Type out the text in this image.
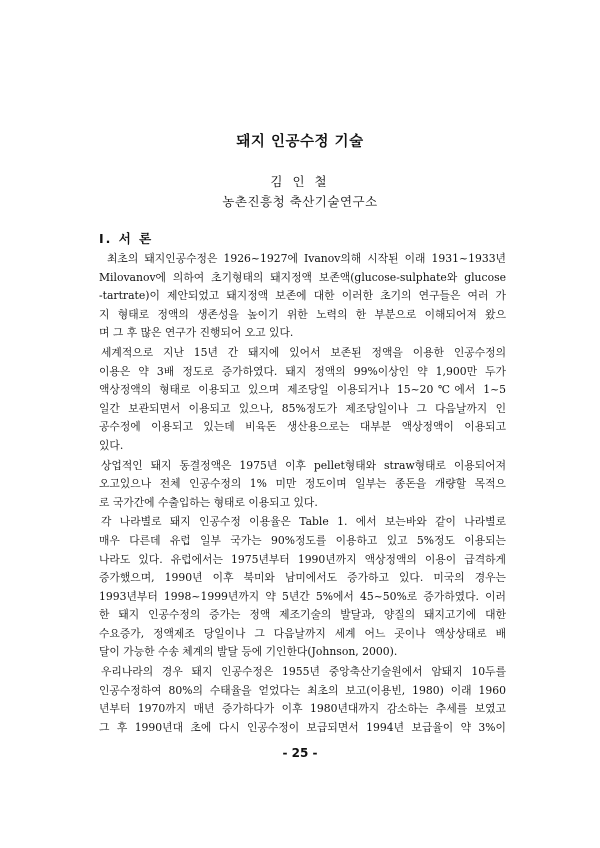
돼지 인공수정 기술
김 인 철
농촌진흥청 축산기술연구소
Ⅰ. 서 론
최초의 돼지인공수정은 1926~1927에 Ivanov의해 시작된 이래 1931~1933년
Milovanov에 의하여 초기형태의 돼지정액 보존액(glucose-sulphate와 glucose
-tartrate)이 제안되었고 돼지정액 보존에 대한 이러한 초기의 연구들은 여러 가
지 형태로 정액의 생존성을 높이기 위한 노력의 한 부분으로 이해되어져 왔으
며 그 후 많은 연구가 진행되어 오고 있다.
세계적으로 지난 15년 간 돼지에 있어서 보존된 정액을 이용한 인공수정의
이용은 약 3배 정도로 증가하였다. 돼지 정액의 99%이상인 약 1,900만 두가
액상정액의 형태로 이용되고 있으며 제조당일 이용되거나 15~20℃에서 1~5
일간 보관되면서 이용되고 있으나, 85%정도가 제조당일이나 그 다음날까지 인
공수정에 이용되고 있는데 비육돈 생산용으로는 대부분 액상정액이 이용되고
있다.
상업적인 돼지 동결정액은 1975년 이후 pellet형태와 straw형태로 이용되어져
오고있으나 전체 인공수정의 1% 미만 정도이며 일부는 종돈을 개량할 목적으
로 국가간에 수출입하는 형태로 이용되고 있다.
각 나라별로 돼지 인공수정 이용율은 Table 1. 에서 보는바와 같이 나라별로
매우 다른데 유럽 일부 국가는 90%정도를 이용하고 있고 5%정도 이용되는
나라도 있다. 유럽에서는 1975년부터 1990년까지 액상정액의 이용이 급격하게
증가했으며, 1990년 이후 북미와 남미에서도 증가하고 있다. 미국의 경우는
1993년부터 1998~1999년까지 약 5년간 5%에서 45~50%로 증가하였다. 이러
한 돼지 인공수정의 증가는 정액 제조기술의 발달과, 양질의 돼지고기에 대한
수요증가, 정액제조 당일이나 그 다음날까지 세계 어느 곳이나 액상상태로 배
달이 가능한 수송 체계의 발달 등에 기인한다(Johnson, 2000).
우리나라의 경우 돼지 인공수정은 1955년 중앙축산기술원에서 암돼지 10두를
인공수정하여 80%의 수태율을 얻었다는 최초의 보고(이용빈, 1980) 이래 1960
년부터 1970까지 매년 증가하다가 이후 1980년대까지 감소하는 추세를 보였고
그 후 1990년대 초에 다시 인공수정이 보급되면서 1994년 보급율이 약 3%이
- 25 -
